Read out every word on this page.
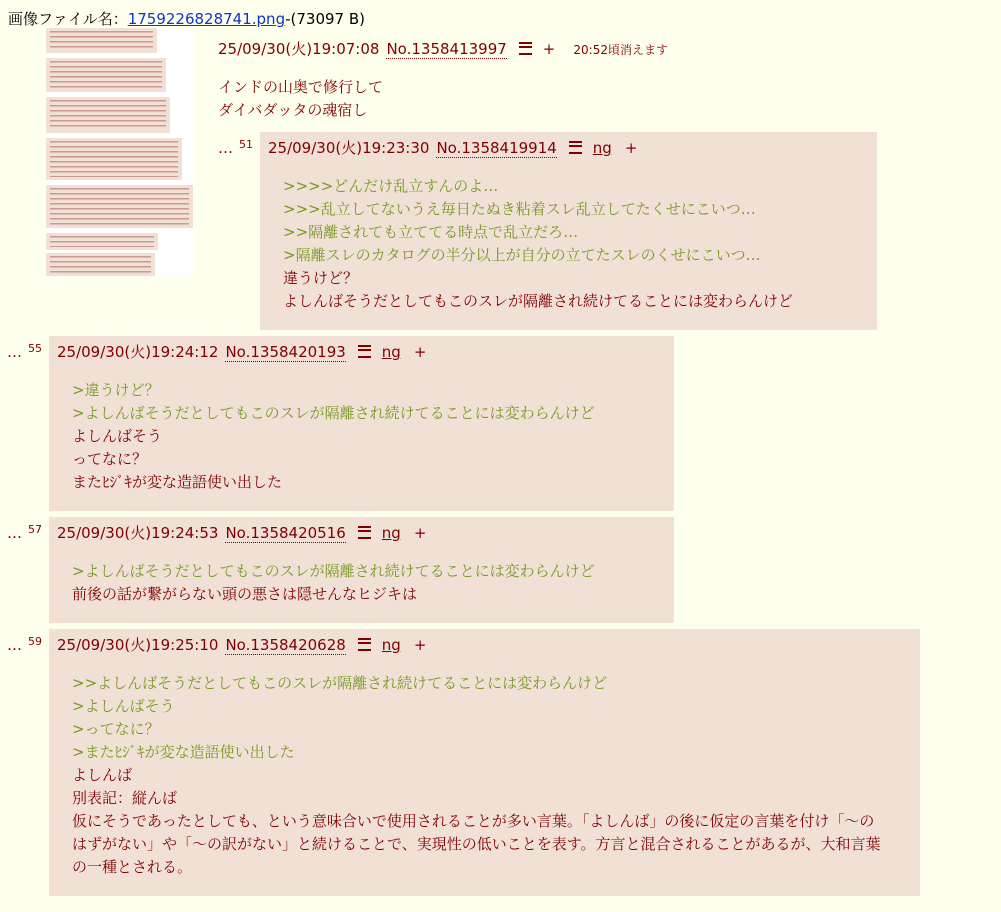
画像ファイル名：1759226828741.png-(73097 B)
25/09/30(火)19:07:08 No.1358413997 + 20:52頃消えます
インドの山奥で修行して
ダイバダッタの魂宿し
… 51 25/09/30(火)19:23:30 No.1358419914 ng +
>>>>どんだけ乱立すんのよ…
>>>乱立してないうえ毎日たぬき粘着スレ乱立してたくせにこいつ…
>>隔離されても立ててる時点で乱立だろ…
>隔離スレのカタログの半分以上が自分の立てたスレのくせにこいつ…
違うけど？
よしんばそうだとしてもこのスレが隔離され続けてることには変わらんけど
… 55 25/09/30(火)19:24:12 No.1358420193 ng +
>違うけど？
>よしんばそうだとしてもこのスレが隔離され続けてることには変わらんけど
よしんばそう
ってなに？
またﾋｼﾞｷが変な造語使い出した
… 57 25/09/30(火)19:24:53 No.1358420516 ng +
>よしんばそうだとしてもこのスレが隔離され続けてることには変わらんけど
前後の話が繋がらない頭の悪さは隠せんなヒジキは
… 59 25/09/30(火)19:25:10 No.1358420628 ng +
>>よしんばそうだとしてもこのスレが隔離され続けてることには変わらんけど
>よしんばそう
>ってなに？
>またﾋｼﾞｷが変な造語使い出した
よしんば
別表記：縦んば
仮にそうであったとしても、という意味合いで使用されることが多い言葉。「よしんば」の後に仮定の言葉を付け「〜のはずがない」や「〜の訳がない」と続けることで、実現性の低いことを表す。方言と混合されることがあるが、大和言葉の一種とされる。
